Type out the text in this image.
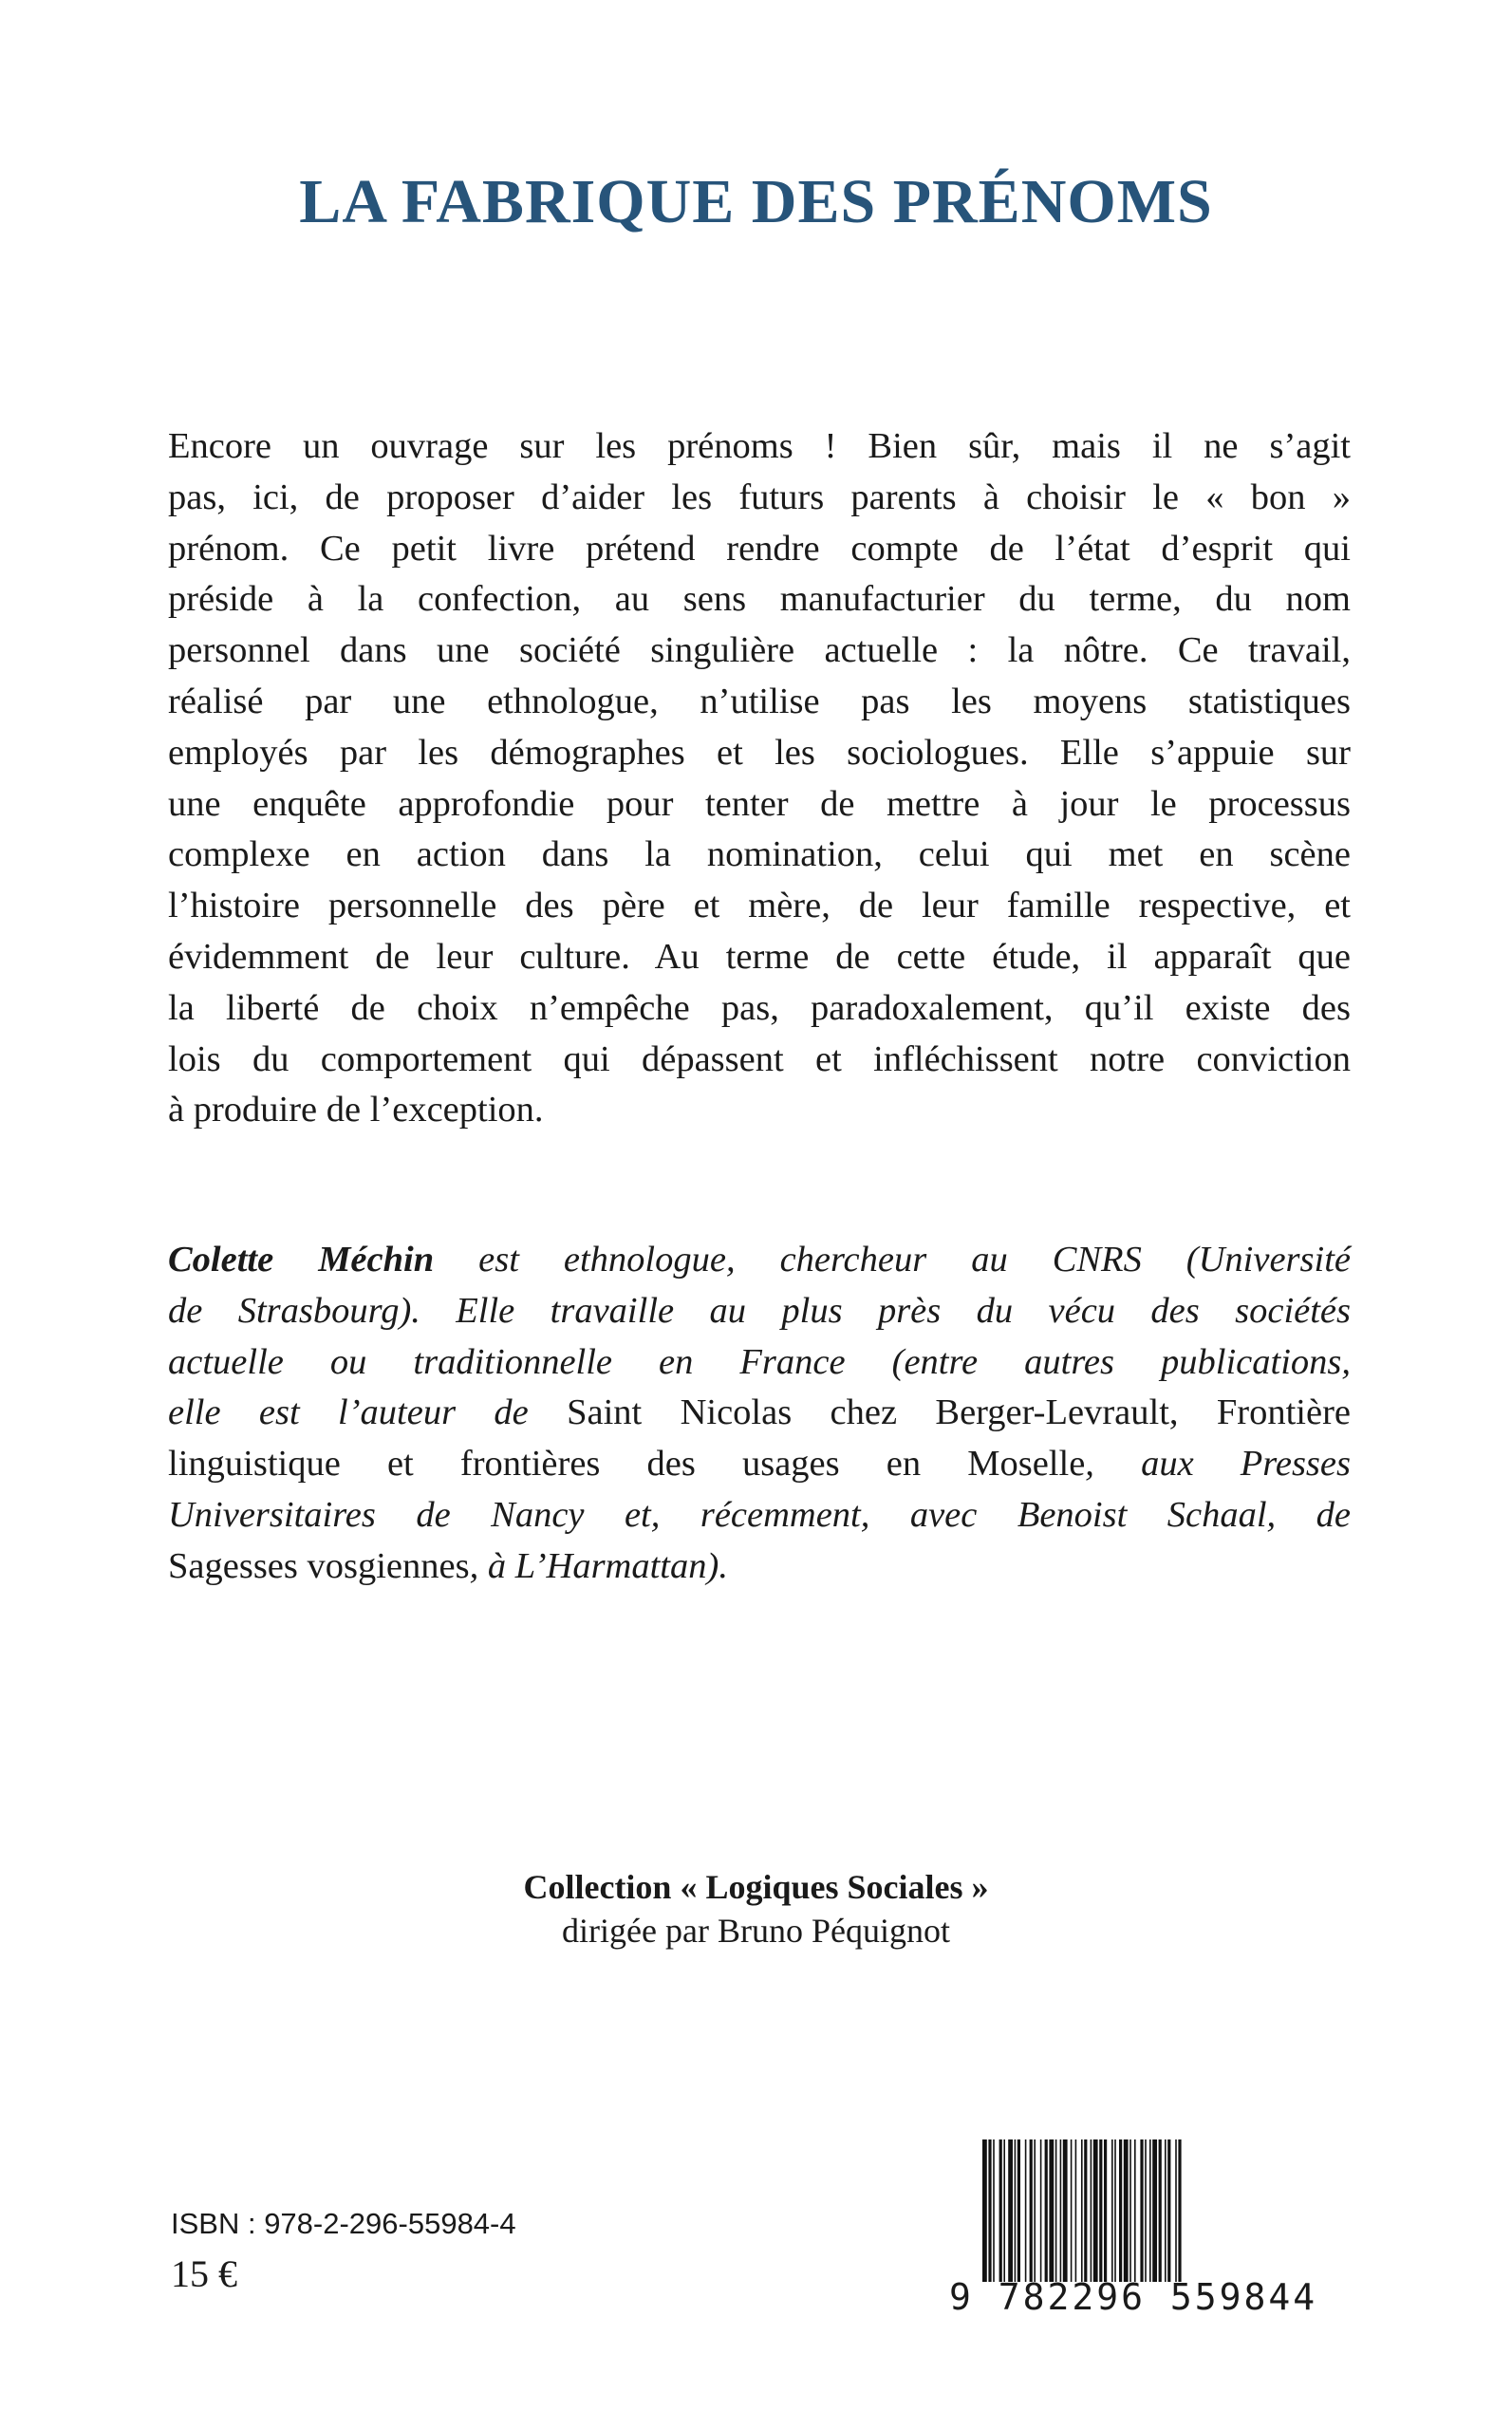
LA FABRIQUE DES PRÉNOMS
Encore un ouvrage sur les prénoms ! Bien sûr, mais il ne s’agit
pas, ici, de proposer d’aider les futurs parents à choisir le « bon »
prénom. Ce petit livre prétend rendre compte de l’état d’esprit qui
préside à la confection, au sens manufacturier du terme, du nom
personnel dans une société singulière actuelle : la nôtre. Ce travail,
réalisé par une ethnologue, n’utilise pas les moyens statistiques
employés par les démographes et les sociologues. Elle s’appuie sur
une enquête approfondie pour tenter de mettre à jour le processus
complexe en action dans la nomination, celui qui met en scène
l’histoire personnelle des père et mère, de leur famille respective, et
évidemment de leur culture. Au terme de cette étude, il apparaît que
la liberté de choix n’empêche pas, paradoxalement, qu’il existe des
lois du comportement qui dépassent et infléchissent notre conviction
à produire de l’exception.
Colette Méchin est ethnologue, chercheur au CNRS (Université
de Strasbourg). Elle travaille au plus près du vécu des sociétés
actuelle ou traditionnelle en France (entre autres publications,
elle est l’auteur de Saint Nicolas chez Berger-Levrault, Frontière
linguistique et frontières des usages en Moselle, aux Presses
Universitaires de Nancy et, récemment, avec Benoist Schaal, de
Sagesses vosgiennes, à L’Harmattan).
Collection « Logiques Sociales »
dirigée par Bruno Péquignot
ISBN : 978-2-296-55984-4
15 €
9 782296 559844
